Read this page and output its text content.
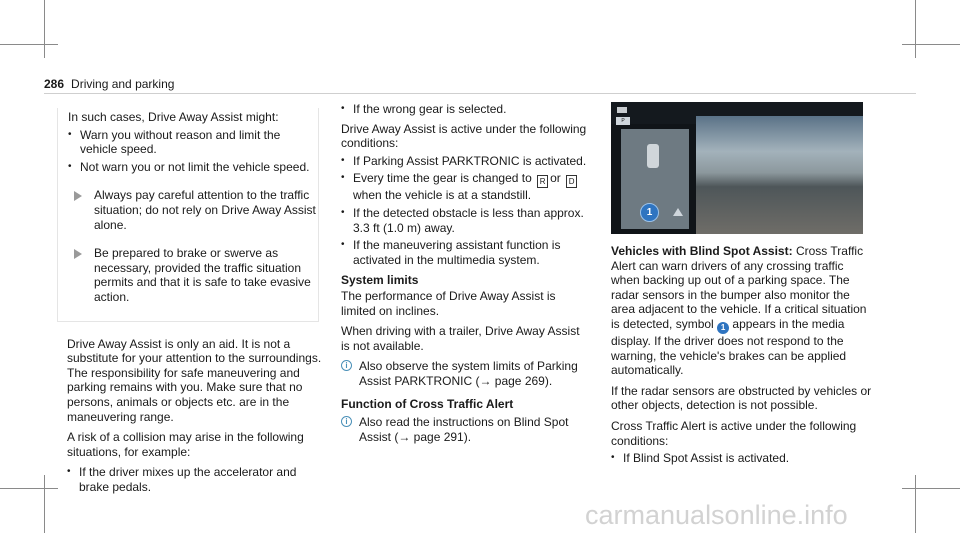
286 Driving and parking

In such cases, Drive Away Assist might:

• Warn you without reason and limit the vehicle speed.
• Not warn you or not limit the vehicle speed.
Always pay careful attention to the traffic situation; do not rely on Drive Away Assist alone.
Be prepared to brake or swerve as necessary, provided the traffic situation permits and that it is safe to take evasive action.

Drive Away Assist is only an aid. It is not a substitute for your attention to the surroundings. The responsibility for safe maneuvering and parking remains with you. Make sure that no persons, animals or objects etc. are in the maneuvering range.

A risk of a collision may arise in the following situations, for example:

• If the driver mixes up the accelerator and brake pedals.
• If the wrong gear is selected.

Drive Away Assist is active under the following conditions:

• If Parking Assist PARKTRONIC is activated.
• Every time the gear is changed to R or D when the vehicle is at a standstill.
• If the detected obstacle is less than approx. 3.3 ft (1.0 m) away.
• If the maneuvering assistant function is activated in the multimedia system.
System limits

The performance of Drive Away Assist is limited on inclines.

When driving with a trailer, Drive Away Assist is not available.

i Also observe the system limits of Parking Assist PARKTRONIC (→ page 269).
Function of Cross Traffic Alert
i Also read the instructions on Blind Spot Assist (→ page 291).
P
1

Vehicles with Blind Spot Assist: Cross Traffic Alert can warn drivers of any crossing traffic when backing up out of a parking space. The radar sensors in the bumper also monitor the area adjacent to the vehicle. If a critical situation is detected, symbol 1 appears in the media display. If the driver does not respond to the warning, the vehicle's brakes can be applied automatically.

If the radar sensors are obstructed by vehicles or other objects, detection is not possible.

Cross Traffic Alert is active under the following conditions:

• If Blind Spot Assist is activated.
carmanualsonline.info
